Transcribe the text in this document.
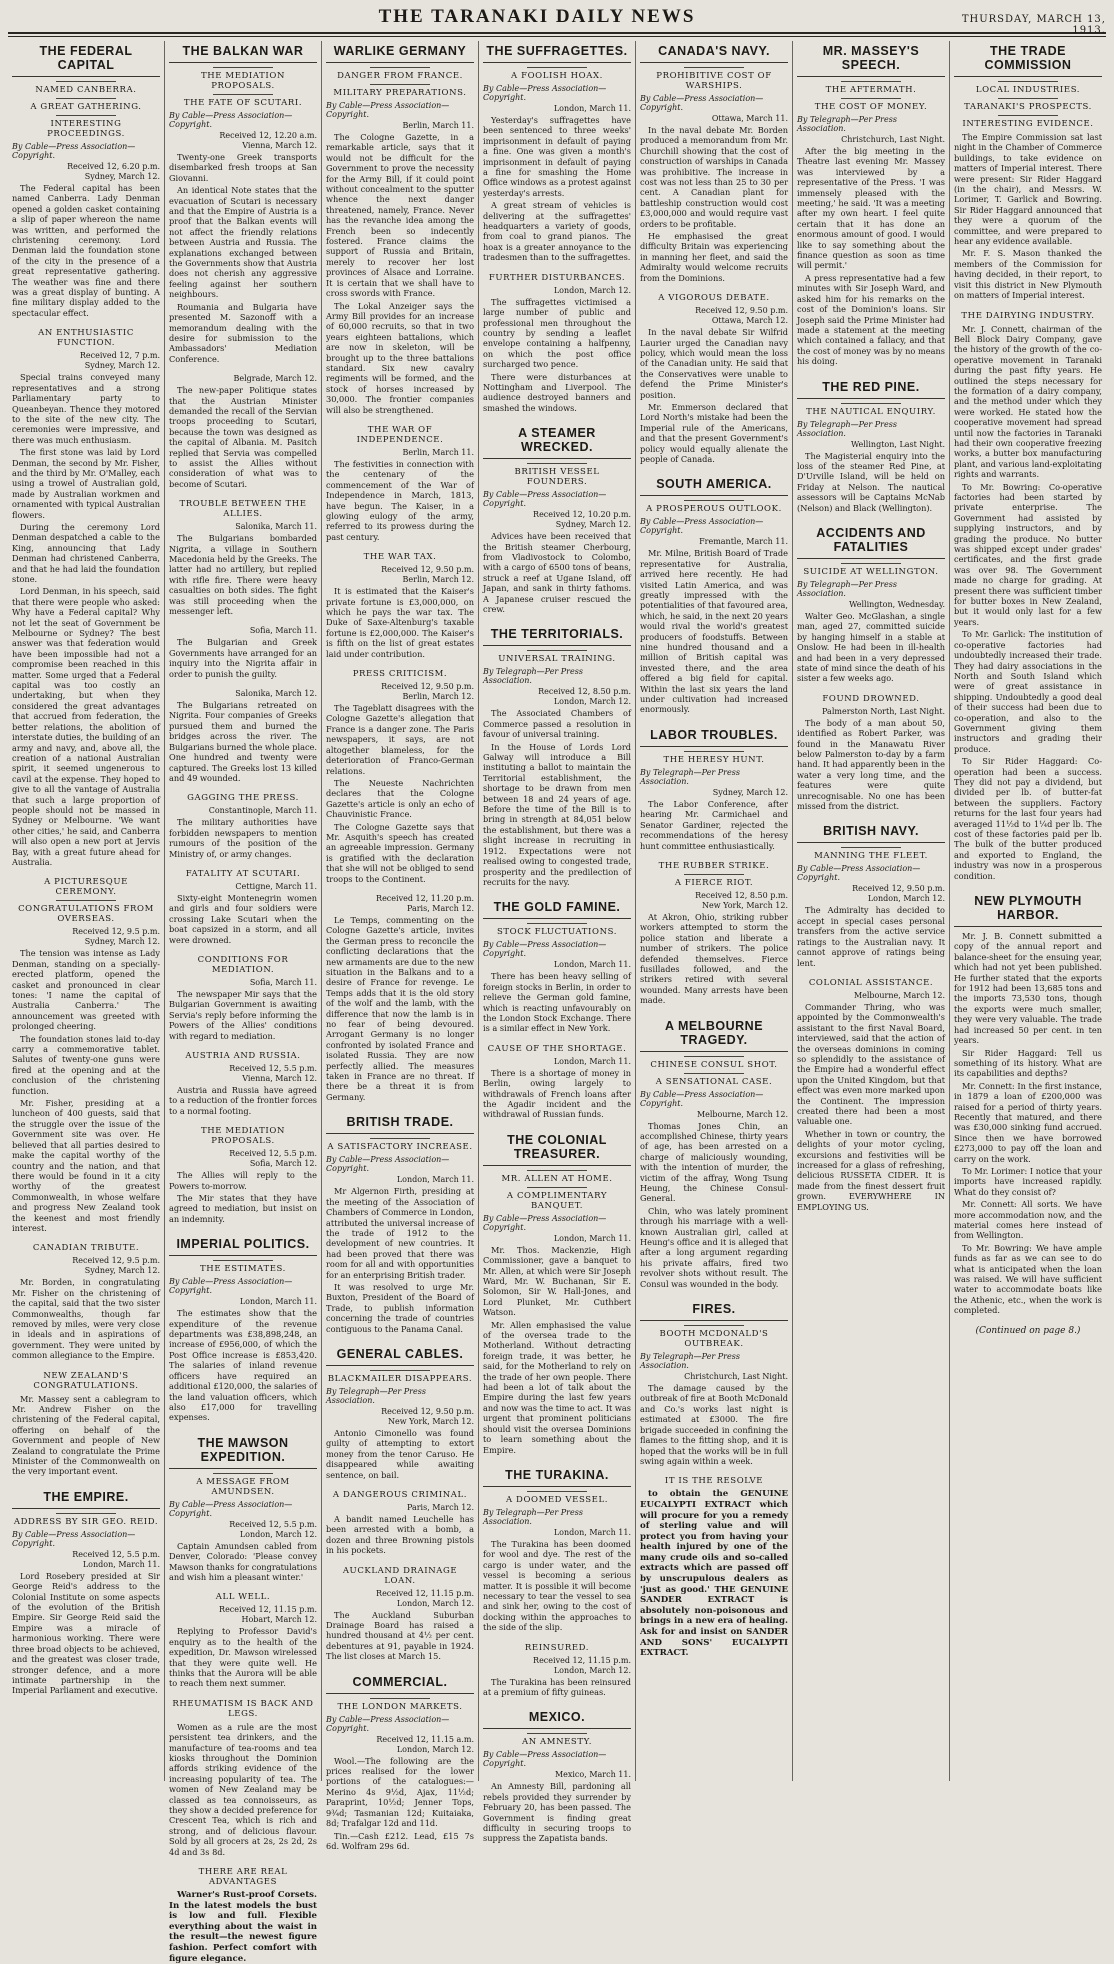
THE TARANAKI DAILY NEWS	THURSDAY, MARCH 13, 1913.
THE FEDERAL CAPITAL
NAMED CANBERRA.
A GREAT GATHERING.
INTERESTING PROCEEDINGS.
By Cable—Press Association—Copyright.
Received 12, 6.20 p.m.
Sydney, March 12.

The Federal capital has been named Canberra. Lady Denman opened a golden casket containing a slip of paper whereon the name was written, and performed the christening ceremony. Lord Denman laid the foundation stone of the city in the presence of a great representative gathering. The weather was fine and there was a great display of bunting. A fine military display added to the spectacular effect.

AN ENTHUSIASTIC FUNCTION.
Received 12, 7 p.m.
Sydney, March 12.

Special trains conveyed many representatives and a strong Parliamentary party to Queanbeyan. Thence they motored to the site of the new city. The ceremonies were impressive, and there was much enthusiasm.

The first stone was laid by Lord Denman, the second by Mr. Fisher, and the third by Mr. O'Malley, each using a trowel of Australian gold, made by Australian workmen and ornamented with typical Australian flowers.

During the ceremony Lord Denman despatched a cable to the King, announcing that Lady Denman had christened Canberra, and that he had laid the foundation stone.

Lord Denman, in his speech, said that there were people who asked: Why have a Federal capital? Why not let the seat of Government be Melbourne or Sydney? The best answer was that federation would have been impossible had not a compromise been reached in this matter. Some urged that a Federal capital was too costly an undertaking, but when they considered the great advantages that accrued from federation, the better relations, the abolition of interstate duties, the building of an army and navy, and, above all, the creation of a national Australian spirit, it seemed ungenerous to cavil at the expense. They hoped to give to all the vantage of Australia that such a large proportion of people should not be massed in Sydney or Melbourne. 'We want other cities,' he said, and Canberra will also open a new port at Jervis Bay, with a great future ahead for Australia.

A PICTURESQUE CEREMONY.
CONGRATULATIONS FROM OVERSEAS.
Received 12, 9.5 p.m.
Sydney, March 12.

The tension was intense as Lady Denman, standing on a specially-erected platform, opened the casket and pronounced in clear tones: 'I name the capital of Australia Canberra.' The announcement was greeted with prolonged cheering.

The foundation stones laid to-day carry a commemorative tablet. Salutes of twenty-one guns were fired at the opening and at the conclusion of the christening function.

Mr. Fisher, presiding at a luncheon of 400 guests, said that the struggle over the issue of the Government site was over. He believed that all parties desired to make the capital worthy of the country and the nation, and that there would be found in it a city worthy of the greatest Commonwealth, in whose welfare and progress New Zealand took the keenest and most friendly interest.

CANADIAN TRIBUTE.
Received 12, 9.5 p.m.
Sydney, March 12.

Mr. Borden, in congratulating Mr. Fisher on the christening of the capital, said that the two sister Commonwealths, though far removed by miles, were very close in ideals and in aspirations of government. They were united by common allegiance to the Empire.

NEW ZEALAND'S CONGRATULATIONS.

Mr. Massey sent a cablegram to Mr. Andrew Fisher on the christening of the Federal capital, offering on behalf of the Government and people of New Zealand to congratulate the Prime Minister of the Commonwealth on the very important event.

THE EMPIRE.
ADDRESS BY SIR GEO. REID.
By Cable—Press Association—Copyright.
Received 12, 5.5 p.m.
London, March 11.

Lord Rosebery presided at Sir George Reid's address to the Colonial Institute on some aspects of the evolution of the British Empire. Sir George Reid said the Empire was a miracle of harmonious working. There were three broad objects to be achieved, and the greatest was closer trade, stronger defence, and a more intimate partnership in the Imperial Parliament and executive.

THE BALKAN WAR
THE MEDIATION PROPOSALS.
THE FATE OF SCUTARI.
By Cable—Press Association—Copyright.
Received 12, 12.20 a.m.
Vienna, March 12.

Twenty-one Greek transports disembarked fresh troops at San Giovanni.

An identical Note states that the evacuation of Scutari is necessary and that the Empire of Austria is a proof that the Balkan events will not affect the friendly relations between Austria and Russia. The explanations exchanged between the Governments show that Austria does not cherish any aggressive feeling against her southern neighbours.

Roumania and Bulgaria have presented M. Sazonoff with a memorandum dealing with the desire for submission to the Ambassadors' Mediation Conference.

Belgrade, March 12.

The new-paper Politique states that the Austrian Minister demanded the recall of the Servian troops proceeding to Scutari, because the town was designed as the capital of Albania. M. Pasitch replied that Servia was compelled to assist the Allies without consideration of what was to become of Scutari.

TROUBLE BETWEEN THE ALLIES.
Salonika, March 11.

The Bulgarians bombarded Nigrita, a village in Southern Macedonia held by the Greeks. The latter had no artillery, but replied with rifle fire. There were heavy casualties on both sides. The fight was still proceeding when the messenger left.

Sofia, March 11.

The Bulgarian and Greek Governments have arranged for an inquiry into the Nigrita affair in order to punish the guilty.

Salonika, March 12.

The Bulgarians retreated on Nigrita. Four companies of Greeks pursued them and burned the bridges across the river. The Bulgarians burned the whole place. One hundred and twenty were captured. The Greeks lost 13 killed and 49 wounded.

GAGGING THE PRESS.
Constantinople, March 11.

The military authorities have forbidden newspapers to mention rumours of the position of the Ministry of, or army changes.

FATALITY AT SCUTARI.
Cettigne, March 11.

Sixty-eight Montenegrin women and girls and four soldiers were crossing Lake Scutari when the boat capsized in a storm, and all were drowned.

CONDITIONS FOR MEDIATION.
Sofia, March 11.

The newspaper Mir says that the Bulgarian Government is awaiting Servia's reply before informing the Powers of the Allies' conditions with regard to mediation.

AUSTRIA AND RUSSIA.
Received 12, 5.5 p.m.
Vienna, March 12.

Austria and Russia have agreed to a reduction of the frontier forces to a normal footing.

THE MEDIATION PROPOSALS.
Received 12, 5.5 p.m.
Sofia, March 12.

The Allies will reply to the Powers to-morrow.

The Mir states that they have agreed to mediation, but insist on an indemnity.

IMPERIAL POLITICS.
THE ESTIMATES.
By Cable—Press Association—Copyright.
London, March 11.

The estimates show that the expenditure of the revenue departments was £38,898,248, an increase of £956,000, of which the Post Office increase is £853,420. The salaries of inland revenue officers have required an additional £120,000, the salaries of the land valuation officers, which also £17,000 for travelling expenses.

THE MAWSON EXPEDITION.
A MESSAGE FROM AMUNDSEN.
By Cable—Press Association—Copyright.
Received 12, 5.5 p.m.
London, March 12.

Captain Amundsen cabled from Denver, Colorado: 'Please convey Mawson thanks for congratulations and wish him a pleasant winter.'

ALL WELL.
Received 12, 11.15 p.m.
Hobart, March 12.

Replying to Professor David's enquiry as to the health of the expedition, Dr. Mawson wirelessed that they were quite well. He thinks that the Aurora will be able to reach them next summer.

RHEUMATISM IS BACK AND LEGS.

Women as a rule are the most persistent tea drinkers, and the manufacture of tea-rooms and tea kiosks throughout the Dominion affords striking evidence of the increasing popularity of tea. The women of New Zealand may be classed as tea connoisseurs, as they show a decided preference for Crescent Tea, which is rich and strong, and of delicious flavour. Sold by all grocers at 2s, 2s 2d, 2s 4d and 3s 8d.

THERE ARE REAL ADVANTAGES

Warner's Rust-proof Corsets. In the latest models the bust is low and full. Flexible everything about the waist in the result—the newest figure fashion. Perfect comfort with figure elegance.

WARLIKE GERMANY
DANGER FROM FRANCE.
MILITARY PREPARATIONS.
By Cable—Press Association—Copyright.
Berlin, March 11.

The Cologne Gazette, in a remarkable article, says that it would not be difficult for the Government to prove the necessity for the Army Bill, if it could point without concealment to the sputter whence the next danger threatened, namely, France. Never has the revanche idea among the French been so indecently fostered. France claims the support of Russia and Britain, merely to recover her lost provinces of Alsace and Lorraine. It is certain that we shall have to cross swords with France.

The Lokal Anzeiger says the Army Bill provides for an increase of 60,000 recruits, so that in two years eighteen battalions, which are now in skeleton, will be brought up to the three battalions standard. Six new cavalry regiments will be formed, and the stock of horses increased by 30,000. The frontier companies will also be strengthened.

THE WAR OF INDEPENDENCE.
Berlin, March 11.

The festivities in connection with the centenary of the commencement of the War of Independence in March, 1813, have begun. The Kaiser, in a glowing eulogy of the army, referred to its prowess during the past century.

THE WAR TAX.
Received 12, 9.50 p.m.
Berlin, March 12.

It is estimated that the Kaiser's private fortune is £3,000,000, on which he pays the war tax. The Duke of Saxe-Altenburg's taxable fortune is £2,000,000. The Kaiser's is fifth on the list of great estates laid under contribution.

PRESS CRITICISM.
Received 12, 9.50 p.m.
Berlin, March 12.

The Tageblatt disagrees with the Cologne Gazette's allegation that France is a danger zone. The Paris newspapers, it says, are not altogether blameless, for the deterioration of Franco-German relations.

The Neueste Nachrichten declares that the Cologne Gazette's article is only an echo of Chauvinistic France.

The Cologne Gazette says that Mr. Asquith's speech has created an agreeable impression. Germany is gratified with the declaration that she will not be obliged to send troops to the Continent.

Received 12, 11.20 p.m.
Paris, March 12.

Le Temps, commenting on the Cologne Gazette's article, invites the German press to reconcile the conflicting declarations that the new armaments are due to the new situation in the Balkans and to a desire of France for revenge. Le Temps adds that it is the old story of the wolf and the lamb, with the difference that now the lamb is in no fear of being devoured. Arrogant Germany is no longer confronted by isolated France and isolated Russia. They are now perfectly allied. The measures taken in France are no threat. If there be a threat it is from Germany.

BRITISH TRADE.
A SATISFACTORY INCREASE.
By Cable—Press Association—Copyright.
London, March 11.

Mr Algernon Firth, presiding at the meeting of the Association of Chambers of Commerce in London, attributed the universal increase of the trade of 1912 to the development of new countries. It had been proved that there was room for all and with opportunities for an enterprising British trader.

It was resolved to urge Mr. Buxton, President of the Board of Trade, to publish information concerning the trade of countries contiguous to the Panama Canal.

GENERAL CABLES.
BLACKMAILER DISAPPEARS.
By Telegraph—Per Press Association.
Received 12, 9.50 p.m.
New York, March 12.

Antonio Cimonello was found guilty of attempting to extort money from the tenor Caruso. He disappeared while awaiting sentence, on bail.

A DANGEROUS CRIMINAL.
Paris, March 12.

A bandit named Leuchelle has been arrested with a bomb, a dozen and three Browning pistols in his pockets.

AUCKLAND DRAINAGE LOAN.
Received 12, 11.15 p.m.
London, March 12.

The Auckland Suburban Drainage Board has raised a hundred thousand at 4½ per cent. debentures at 91, payable in 1924. The list closes at March 15.

COMMERCIAL.
THE LONDON MARKETS.
By Cable—Press Association—Copyright.
Received 12, 11.15 a.m.
London, March 12.

Wool.—The following are the prices realised for the lower portions of the catalogues:—Merino 4s 9½d, Ajax, 11½d; Paraprint, 10½d; Jenner Tops, 9¾d; Tasmanian 12d; Kuitaiaka, 8d; Trafalgar 12d and 11d.

Tin.—Cash £212. Lead, £15 7s 6d. Wolfram 29s 6d.

THE SUFFRAGETTES.
A FOOLISH HOAX.
By Cable—Press Association—Copyright.
London, March 11.

Yesterday's suffragettes have been sentenced to three weeks' imprisonment in default of paying a fine. One was given a month's imprisonment in default of paying a fine for smashing the Home Office windows as a protest against yesterday's arrests.

A great stream of vehicles is delivering at the suffragettes' headquarters a variety of goods, from coal to grand pianos. The hoax is a greater annoyance to the tradesmen than to the suffragettes.

FURTHER DISTURBANCES.
London, March 12.

The suffragettes victimised a large number of public and professional men throughout the country by sending a leaflet envelope containing a halfpenny, on which the post office surcharged two pence.

There were disturbances at Nottingham and Liverpool. The audience destroyed banners and smashed the windows.

A STEAMER WRECKED.
BRITISH VESSEL FOUNDERS.
By Cable—Press Association—Copyright.
Received 12, 10.20 p.m.
Sydney, March 12.

Advices have been received that the British steamer Cherbourg, from Vladivostock to Colombo, with a cargo of 6500 tons of beans, struck a reef at Ugane Island, off Japan, and sank in thirty fathoms. A Japanese cruiser rescued the crew.

THE TERRITORIALS.
UNIVERSAL TRAINING.
By Telegraph—Per Press Association.
Received 12, 8.50 p.m.
London, March 12.

The Associated Chambers of Commerce passed a resolution in favour of universal training.

In the House of Lords Lord Galway will introduce a Bill instituting a ballot to maintain the Territorial establishment, the shortage to be drawn from men between 18 and 24 years of age. Before the time of the Bill is to bring in strength at 84,051 below the establishment, but there was a slight increase in recruiting in 1912. Expectations were not realised owing to congested trade, prosperity and the predilection of recruits for the navy.

THE GOLD FAMINE.
STOCK FLUCTUATIONS.
By Cable—Press Association—Copyright.
London, March 11.

There has been heavy selling of foreign stocks in Berlin, in order to relieve the German gold famine, which is reacting unfavourably on the London Stock Exchange. There is a similar effect in New York.

CAUSE OF THE SHORTAGE.
London, March 11.

There is a shortage of money in Berlin, owing largely to withdrawals of French loans after the Agadir incident and the withdrawal of Russian funds.

THE COLONIAL TREASURER.
MR. ALLEN AT HOME.
A COMPLIMENTARY BANQUET.
By Cable—Press Association—Copyright.
London, March 11.

Mr. Thos. Mackenzie, High Commissioner, gave a banquet to Mr. Allen, at which were Sir Joseph Ward, Mr. W. Buchanan, Sir E. Solomon, Sir W. Hall-Jones, and Lord Plunket, Mr. Cuthbert Watson.

Mr. Allen emphasised the value of the oversea trade to the Motherland. Without detracting foreign trade, it was better, he said, for the Motherland to rely on the trade of her own people. There had been a lot of talk about the Empire during the last few years and now was the time to act. It was urgent that prominent politicians should visit the oversea Dominions to learn something about the Empire.

THE TURAKINA.
A DOOMED VESSEL.
By Telegraph—Per Press Association.
London, March 11.

The Turakina has been doomed for wool and dye. The rest of the cargo is under water, and the vessel is becoming a serious matter. It is possible it will become necessary to tear the vessel to sea and sink her, owing to the cost of docking within the approaches to the side of the slip.

REINSURED.
Received 12, 11.15 p.m.
London, March 12.

The Turakina has been reinsured at a premium of fifty guineas.

MEXICO.
AN AMNESTY.
By Cable—Press Association—Copyright.
Mexico, March 11.

An Amnesty Bill, pardoning all rebels provided they surrender by February 20, has been passed. The Government is finding great difficulty in securing troops to suppress the Zapatista bands.

CANADA'S NAVY.
PROHIBITIVE COST OF WARSHIPS.
By Cable—Press Association—Copyright.
Ottawa, March 11.

In the naval debate Mr. Borden produced a memorandum from Mr. Churchill showing that the cost of construction of warships in Canada was prohibitive. The increase in cost was not less than 25 to 30 per cent. A Canadian plant for battleship construction would cost £3,000,000 and would require vast orders to be profitable.

He emphasised the great difficulty Britain was experiencing in manning her fleet, and said the Admiralty would welcome recruits from the Dominions.

A VIGOROUS DEBATE.
Received 12, 9.50 p.m.
Ottawa, March 12.

In the naval debate Sir Wilfrid Laurier urged the Canadian navy policy, which would mean the loss of the Canadian unity. He said that the Conservatives were unable to defend the Prime Minister's position.

Mr. Emmerson declared that Lord North's mistake had been the Imperial rule of the Americans, and that the present Government's policy would equally alienate the people of Canada.

SOUTH AMERICA.
A PROSPEROUS OUTLOOK.
By Cable—Press Association—Copyright.
Fremantle, March 11.

Mr. Milne, British Board of Trade representative for Australia, arrived here recently. He had visited Latin America, and was greatly impressed with the potentialities of that favoured area, which, he said, in the next 20 years would rival the world's greatest producers of foodstuffs. Between nine hundred thousand and a million of British capital was invested there, and the area offered a big field for capital. Within the last six years the land under cultivation had increased enormously.

LABOR TROUBLES.
THE HERESY HUNT.
By Telegraph—Per Press Association.
Sydney, March 12.

The Labor Conference, after hearing Mr. Carmichael and Senator Gardiner, rejected the recommendations of the heresy hunt committee enthusiastically.

THE RUBBER STRIKE.
A FIERCE RIOT.
Received 12, 8.50 p.m.
New York, March 12.

At Akron, Ohio, striking rubber workers attempted to storm the police station and liberate a number of strikers. The police defended themselves. Fierce fusillades followed, and the strikers retired with several wounded. Many arrests have been made.

A MELBOURNE TRAGEDY.
CHINESE CONSUL SHOT.
A SENSATIONAL CASE.
By Cable—Press Association—Copyright.
Melbourne, March 12.

Thomas Jones Chin, an accomplished Chinese, thirty years of age, has been arrested on a charge of maliciously wounding, with the intention of murder, the victim of the affray, Wong Tsung Heung, the Chinese Consul-General.

Chin, who was lately prominent through his marriage with a well-known Australian girl, called at Heung's office and it is alleged that after a long argument regarding his private affairs, fired two revolver shots without result. The Consul was wounded in the body.

FIRES.
BOOTH MCDONALD'S OUTBREAK.
By Telegraph—Per Press Association.
Christchurch, Last Night.

The damage caused by the outbreak of fire at Booth McDonald and Co.'s works last night is estimated at £3000. The fire brigade succeeded in confining the flames to the fitting shop, and it is hoped that the works will be in full swing again within a week.

IT IS THE RESOLVE

to obtain the GENUINE EUCALYPTI EXTRACT which will procure for you a remedy of sterling value and will protect you from having your health injured by one of the many crude oils and so-called extracts which are passed off by unscrupulous dealers as 'just as good.' THE GENUINE SANDER EXTRACT is absolutely non-poisonous and brings in a new era of healing. Ask for and insist on SANDER AND SONS' EUCALYPTI EXTRACT.

MR. MASSEY'S SPEECH.
THE AFTERMATH.
THE COST OF MONEY.
By Telegraph—Per Press Association.
Christchurch, Last Night.

After the big meeting in the Theatre last evening Mr. Massey was interviewed by a representative of the Press. 'I was immensely pleased with the meeting,' he said. 'It was a meeting after my own heart. I feel quite certain that it has done an enormous amount of good. I would like to say something about the finance question as soon as time will permit.'

A press representative had a few minutes with Sir Joseph Ward, and asked him for his remarks on the cost of the Dominion's loans. Sir Joseph said the Prime Minister had made a statement at the meeting which contained a fallacy, and that the cost of money was by no means his doing.

THE RED PINE.
THE NAUTICAL ENQUIRY.
By Telegraph—Per Press Association.
Wellington, Last Night.

The Magisterial enquiry into the loss of the steamer Red Pine, at D'Urville Island, will be held on Friday at Nelson. The nautical assessors will be Captains McNab (Nelson) and Black (Wellington).

ACCIDENTS AND FATALITIES
SUICIDE AT WELLINGTON.
By Telegraph—Per Press Association.
Wellington, Wednesday.

Walter Geo. McGlashan, a single man, aged 27, committed suicide by hanging himself in a stable at Onslow. He had been in ill-health and had been in a very depressed state of mind since the death of his sister a few weeks ago.

FOUND DROWNED.
Palmerston North, Last Night.

The body of a man about 50, identified as Robert Parker, was found in the Manawatu River below Palmerston to-day by a farm hand. It had apparently been in the water a very long time, and the features were quite unrecognisable. No one has been missed from the district.

BRITISH NAVY.
MANNING THE FLEET.
By Cable—Press Association—Copyright.
Received 12, 9.50 p.m.
London, March 12.

The Admiralty has decided to accept in special cases personal transfers from the active service ratings to the Australian navy. It cannot approve of ratings being lent.

COLONIAL ASSISTANCE.
Melbourne, March 12.

Commander Thring, who was appointed by the Commonwealth's assistant to the first Naval Board, interviewed, said that the action of the overseas dominions in coming so splendidly to the assistance of the Empire had a wonderful effect upon the United Kingdom, but that effect was even more marked upon the Continent. The impression created there had been a most valuable one.

Whether in town or country, the delights of your motor cycling, excursions and festivities will be increased for a glass of refreshing, delicious RUSSETA CIDER. It is made from the finest dessert fruit grown. EVERYWHERE IN EMPLOYING US.

THE TRADE COMMISSION
LOCAL INDUSTRIES.
TARANAKI'S PROSPECTS.
INTERESTING EVIDENCE.

The Empire Commission sat last night in the Chamber of Commerce buildings, to take evidence on matters of Imperial interest. There were present: Sir Rider Haggard (in the chair), and Messrs. W. Lorimer, T. Garlick and Bowring. Sir Rider Haggard announced that they were a quorum of the committee, and were prepared to hear any evidence available.

Mr. F. S. Mason thanked the members of the Commission for having decided, in their report, to visit this district in New Plymouth on matters of Imperial interest.

THE DAIRYING INDUSTRY.

Mr. J. Connett, chairman of the Bell Block Dairy Company, gave the history of the growth of the co-operative movement in Taranaki during the past fifty years. He outlined the steps necessary for the formation of a dairy company, and the method under which they were worked. He stated how the cooperative movement had spread until now the factories in Taranaki had their own cooperative freezing works, a butter box manufacturing plant, and various land-exploitating rights and warrants.

To Mr. Bowring: Co-operative factories had been started by private enterprise. The Government had assisted by supplying instructors, and by grading the produce. No butter was shipped except under grades' certificates, and the first grade was over 98. The Government made no charge for grading. At present there was sufficient timber for butter boxes in New Zealand, but it would only last for a few years.

To Mr. Garlick: The institution of co-operative factories had undoubtedly increased their trade. They had dairy associations in the North and South Island which were of great assistance in shipping. Undoubtedly a good deal of their success had been due to co-operation, and also to the Government giving them instructors and grading their produce.

To Sir Rider Haggard: Co-operation had been a success. They did not pay a dividend, but divided per lb. of butter-fat between the suppliers. Factory returns for the last four years had averaged 11½d to 1¼d per lb. The cost of these factories paid per lb. The bulk of the butter produced and exported to England, the industry was now in a prosperous condition.

NEW PLYMOUTH HARBOR.

Mr. J. B. Connett submitted a copy of the annual report and balance-sheet for the ensuing year, which had not yet been published. He further stated that the exports for 1912 had been 13,685 tons and the imports 73,530 tons, though the exports were much smaller, they were very valuable. The trade had increased 50 per cent. in ten years.

Sir Rider Haggard: Tell us something of its history. What are its capabilities and depths?

Mr. Connett: In the first instance, in 1879 a loan of £200,000 was raised for a period of thirty years. Recently that matured, and there was £30,000 sinking fund accrued. Since then we have borrowed £273,000 to pay off the loan and carry on the work.

To Mr. Lorimer: I notice that your imports have increased rapidly. What do they consist of?

Mr. Connett: All sorts. We have more accommodation now, and the material comes here instead of from Wellington.

To Mr. Bowring: We have ample funds as far as we can see to do what is anticipated when the loan was raised. We will have sufficient water to accommodate boats like the Athenic, etc., when the work is completed.

(Continued on page 8.)
